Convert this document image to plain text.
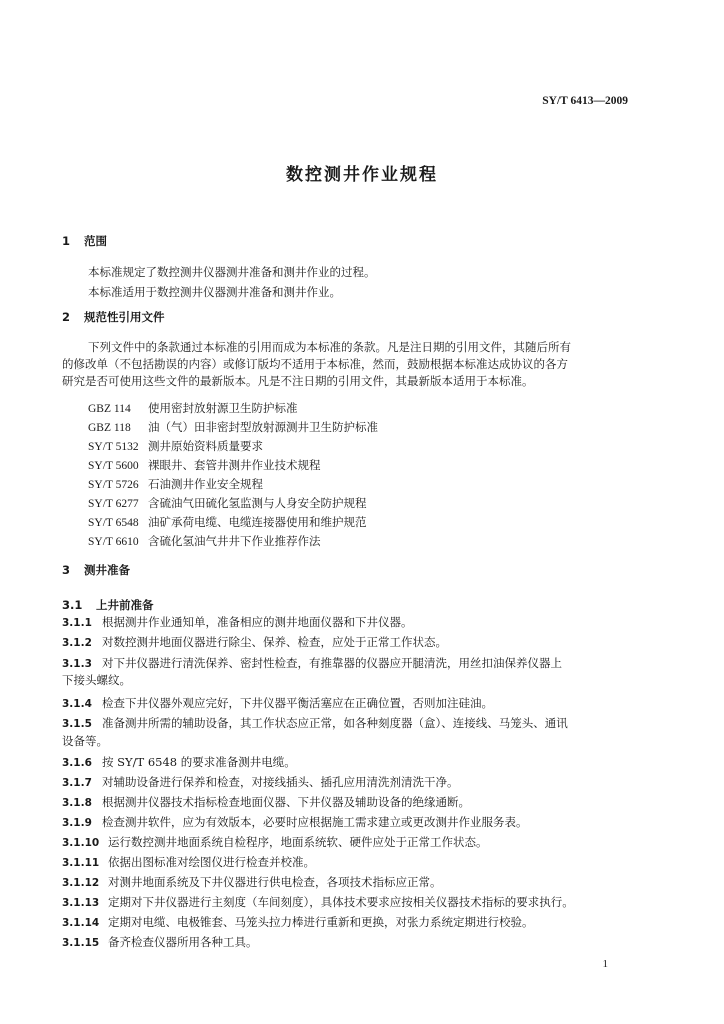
SY/T 6413—2009
数控测井作业规程
1 范围
本标准规定了数控测井仪器测井准备和测井作业的过程。
本标准适用于数控测井仪器测井准备和测井作业。
2 规范性引用文件
下列文件中的条款通过本标准的引用而成为本标准的条款。凡是注日期的引用文件，其随后所有
的修改单（不包括勘误的内容）或修订版均不适用于本标准，然而，鼓励根据本标准达成协议的各方
研究是否可使用这些文件的最新版本。凡是不注日期的引用文件，其最新版本适用于本标准。
GBZ 114 使用密封放射源卫生防护标准
GBZ 118 油（气）田非密封型放射源测井卫生防护标准
SY/T 5132 测井原始资料质量要求
SY/T 5600 裸眼井、套管井测井作业技术规程
SY/T 5726 石油测井作业安全规程
SY/T 6277 含硫油气田硫化氢监测与人身安全防护规程
SY/T 6548 油矿承荷电缆、电缆连接器使用和维护规范
SY/T 6610 含硫化氢油气井井下作业推荐作法
3 测井准备
3.1 上井前准备
3.1.1 根据测井作业通知单，准备相应的测井地面仪器和下井仪器。
3.1.2 对数控测井地面仪器进行除尘、保养、检查，应处于正常工作状态。
3.1.3 对下井仪器进行清洗保养、密封性检查，有推靠器的仪器应开腿清洗，用丝扣油保养仪器上
下接头螺纹。
3.1.4 检查下井仪器外观应完好，下井仪器平衡活塞应在正确位置，否则加注硅油。
3.1.5 准备测井所需的辅助设备，其工作状态应正常，如各种刻度器（盒）、连接线、马笼头、通讯
设备等。
3.1.6 按 SY/T 6548 的要求准备测井电缆。
3.1.7 对辅助设备进行保养和检查，对接线插头、插孔应用清洗剂清洗干净。
3.1.8 根据测井仪器技术指标检查地面仪器、下井仪器及辅助设备的绝缘通断。
3.1.9 检查测井软件，应为有效版本，必要时应根据施工需求建立或更改测井作业服务表。
3.1.10 运行数控测井地面系统自检程序，地面系统软、硬件应处于正常工作状态。
3.1.11 依据出图标准对绘图仪进行检查并校准。
3.1.12 对测井地面系统及下井仪器进行供电检查，各项技术指标应正常。
3.1.13 定期对下井仪器进行主刻度（车间刻度），具体技术要求应按相关仪器技术指标的要求执行。
3.1.14 定期对电缆、电极锥套、马笼头拉力棒进行重新和更换，对张力系统定期进行校验。
3.1.15 备齐检查仪器所用各种工具。
1
